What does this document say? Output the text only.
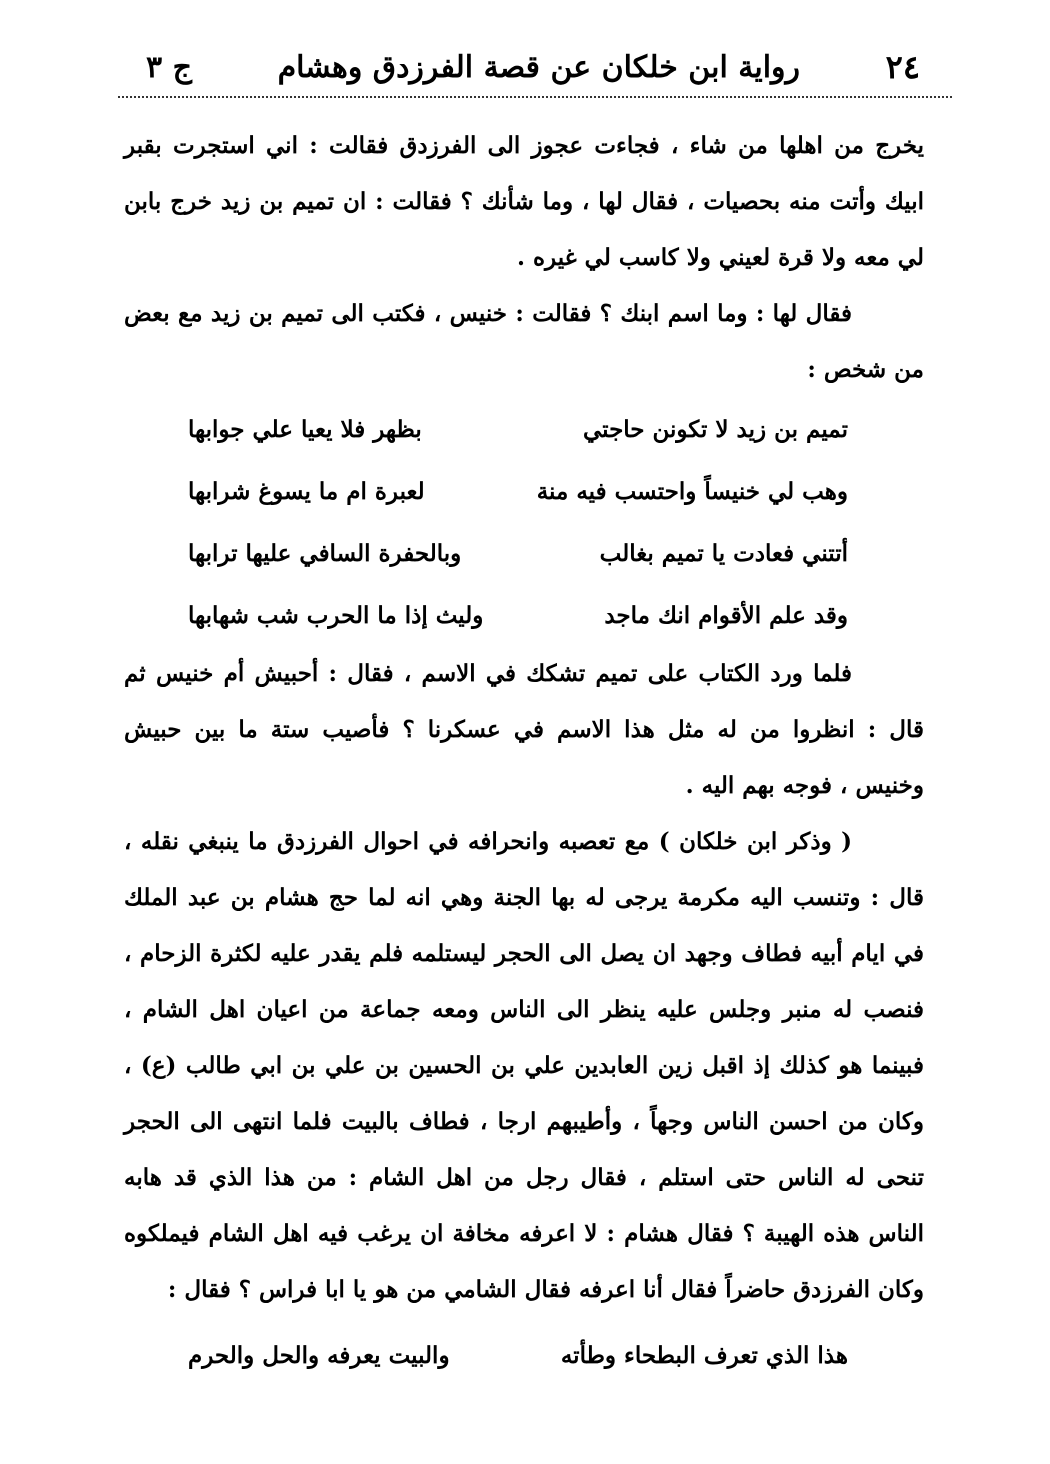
٢٤
رواية ابن خلكان عن قصة الفرزدق وهشام
ج ٣

يخرج من اهلها من شاء ، فجاءت عجوز الى الفرزدق فقالت : اني استجرت بقبر ابيك وأتت منه بحصيات ، فقال لها ، وما شأنك ؟ فقالت : ان تميم بن زيد خرج بابن لي معه ولا قرة لعيني ولا كاسب لي غيره .

فقال لها : وما اسم ابنك ؟ فقالت : خنيس ، فكتب الى تميم بن زيد مع بعض من شخص :

تميم بن زيد لا تكونن حاجتي
بظهر فلا يعيا علي جوابها
وهب لي خنيساً واحتسب فيه منة
لعبرة ام ما يسوغ شرابها
أتتني فعادت يا تميم بغالب
وبالحفرة السافي عليها ترابها
وقد علم الأقوام انك ماجد
وليث إذا ما الحرب شب شهابها

فلما ورد الكتاب على تميم تشكك في الاسم ، فقال : أحبيش أم خنيس ثم قال : انظروا من له مثل هذا الاسم في عسكرنا ؟ فأصيب ستة ما بين حبيش وخنيس ، فوجه بهم اليه .

( وذكر ابن خلكان ) مع تعصبه وانحرافه في احوال الفرزدق ما ينبغي نقله ، قال : وتنسب اليه مكرمة يرجى له بها الجنة وهي انه لما حج هشام بن عبد الملك في ايام أبيه فطاف وجهد ان يصل الى الحجر ليستلمه فلم يقدر عليه لكثرة الزحام ، فنصب له منبر وجلس عليه ينظر الى الناس ومعه جماعة من اعيان اهل الشام ، فبينما هو كذلك إذ اقبل زين العابدين علي بن الحسين بن علي بن ابي طالب (ع) ، وكان من احسن الناس وجهاً ، وأطيبهم ارجا ، فطاف بالبيت فلما انتهى الى الحجر تنحى له الناس حتى استلم ، فقال رجل من اهل الشام : من هذا الذي قد هابه الناس هذه الهيبة ؟ فقال هشام : لا اعرفه مخافة ان يرغب فيه اهل الشام فيملكوه وكان الفرزدق حاضراً فقال أنا اعرفه فقال الشامي من هو يا ابا فراس ؟ فقال :

هذا الذي تعرف البطحاء وطأته
والبيت يعرفه والحل والحرم
